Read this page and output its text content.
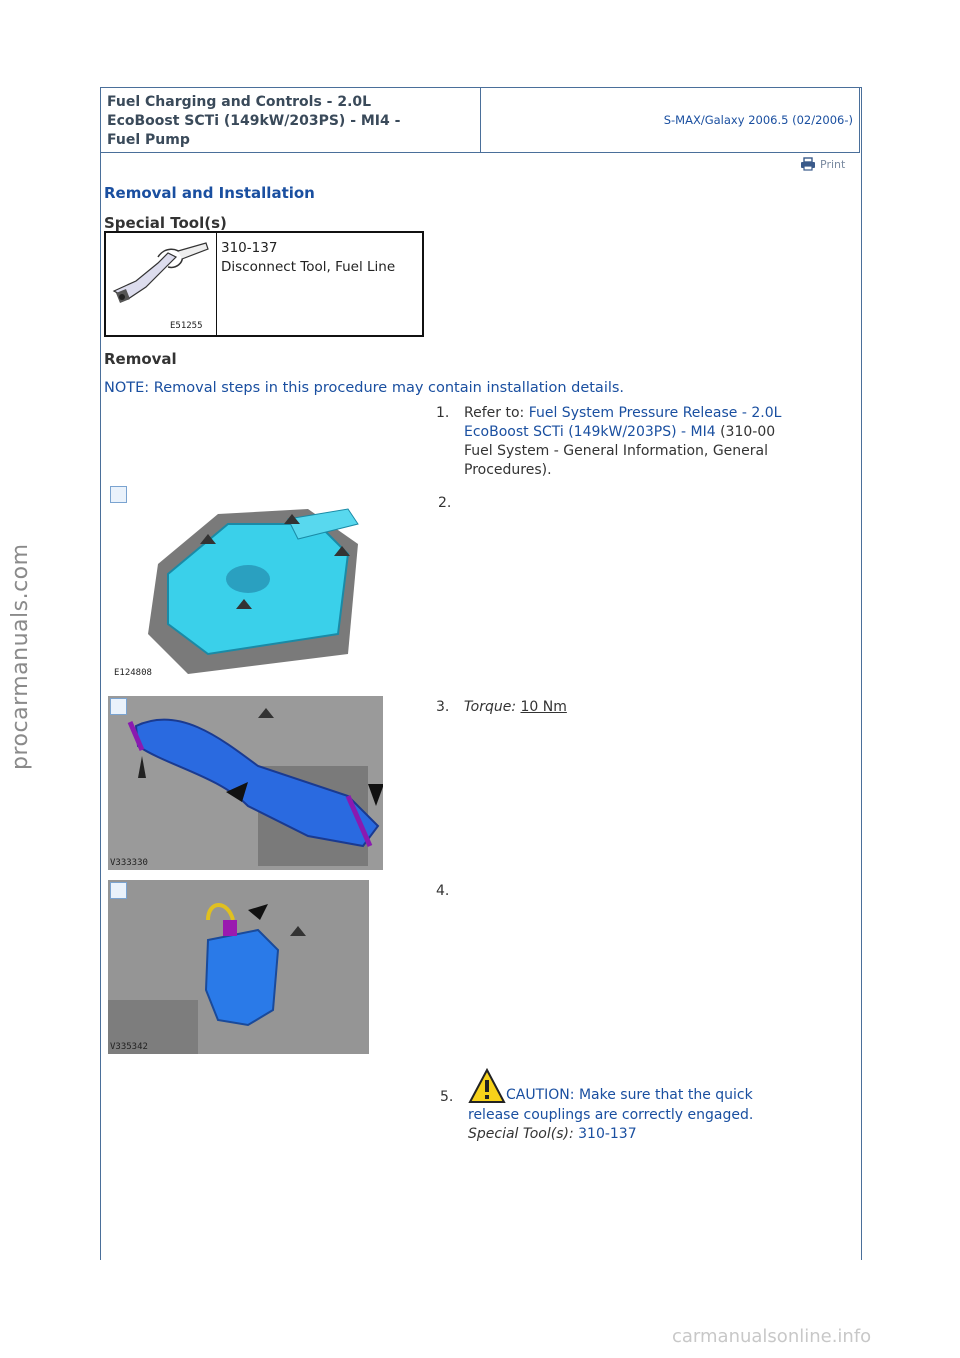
Fuel Charging and Controls - 2.0L
EcoBoost SCTi (149kW/203PS) - MI4 -
Fuel Pump
S-MAX/Galaxy 2006.5 (02/2006-)
Print
Removal and Installation
Special Tool(s)
E51255
310-137
Disconnect Tool, Fuel Line
Removal
NOTE: Removal steps in this procedure may contain installation details.
1. Refer to: Fuel System Pressure Release - 2.0L
EcoBoost SCTi (149kW/203PS) - MI4 (310-00
Fuel System - General Information, General
Procedures).
E124808
2.
V333330
3. Torque: 10 Nm
V335342
4.
5.	CAUTION: Make sure that the quick
release couplings are correctly engaged.
Special Tool(s): 310-137
procarmanuals.com
carmanualsonline.info
